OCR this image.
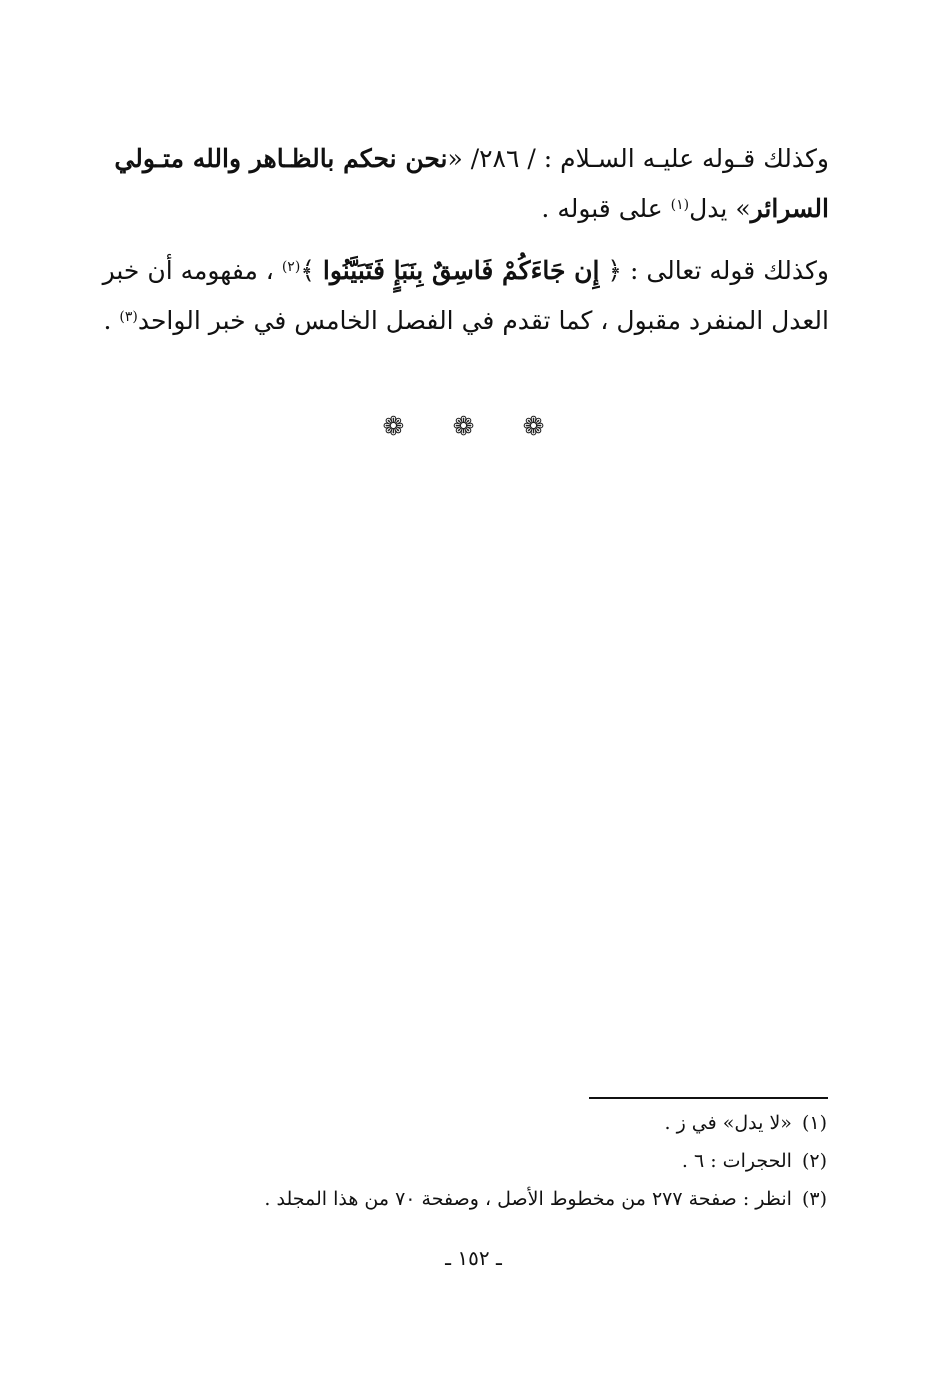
وكذلك قـوله عليـه السـلام : / ٢٨٦/ «نحن نحكم بالظـاهر والله متـولي
السرائر» يدل$^{(١)}$ على قبوله .
وكذلك قوله تعالى : ﴿ إِن جَاءَكُمْ فَاسِقٌ بِنَبَإٍ فَتَبَيَّنُوا ﴾$^{(٢)}$ ، مفهومه أن خبر
العدل المنفرد مقبول ، كما تقدم في الفصل الخامس في خبر الواحد$^{(٣)}$ .
❁ ❁ ❁
(١)«لا يدل» في ز .
(٢)الحجرات : ٦ .
(٣)انظر : صفحة ٢٧٧ من مخطوط الأصل ، وصفحة ٧٠ من هذا المجلد .
ـ ١٥٢ ـ
